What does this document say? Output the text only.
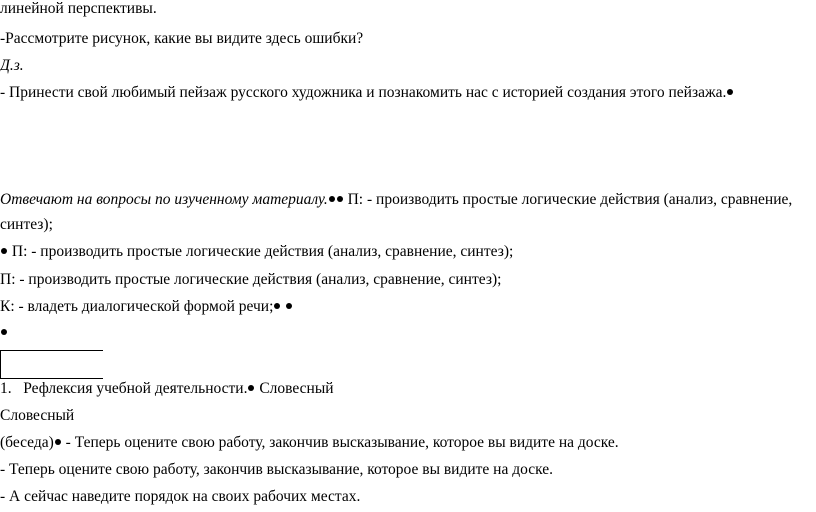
линейной перспективы.
-Рассмотрите рисунок, какие вы видите здесь ошибки?
Д.з.
- Принести свой любимый пейзаж русского художника и познакомить нас с историей создания этого пейзажа.
Отвечают на вопросы по изученному материалу. П: - производить простые логические действия (анализ, сравнение,
синтез);
П: - производить простые логические действия (анализ, сравнение, синтез);
П: - производить простые логические действия (анализ, сравнение, синтез);
К: - владеть диалогической формой речи;
1. Рефлексия учебной деятельности. Словесный
Словесный
(беседа) - Теперь оцените свою работу, закончив высказывание, которое вы видите на доске.
- Теперь оцените свою работу, закончив высказывание, которое вы видите на доске.
- А сейчас наведите порядок на своих рабочих местах.
